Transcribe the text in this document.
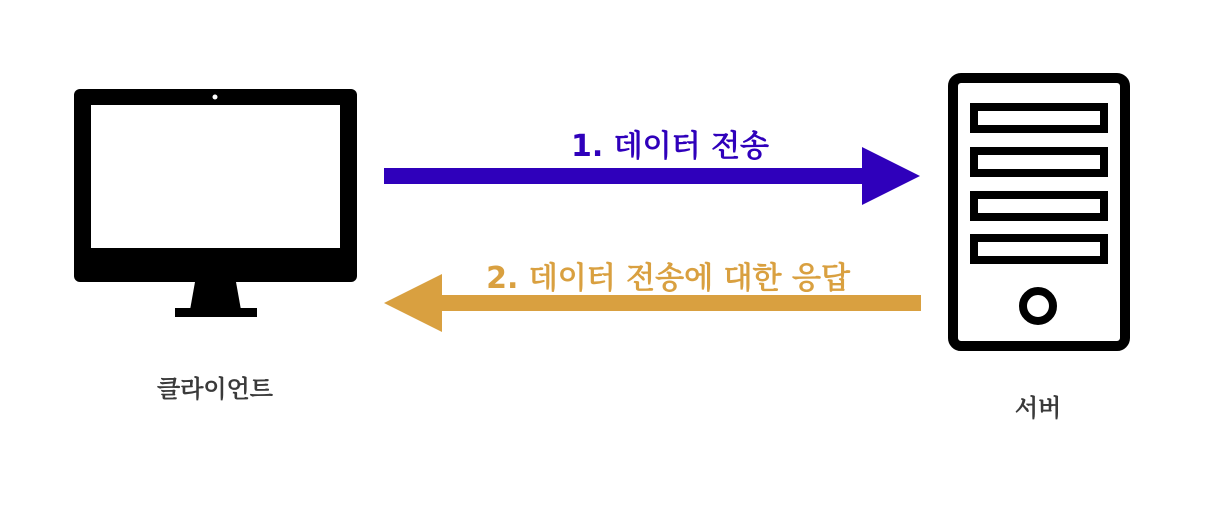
1. 데이터 전송
2. 데이터 전송에 대한 응답
클라이언트
서버
